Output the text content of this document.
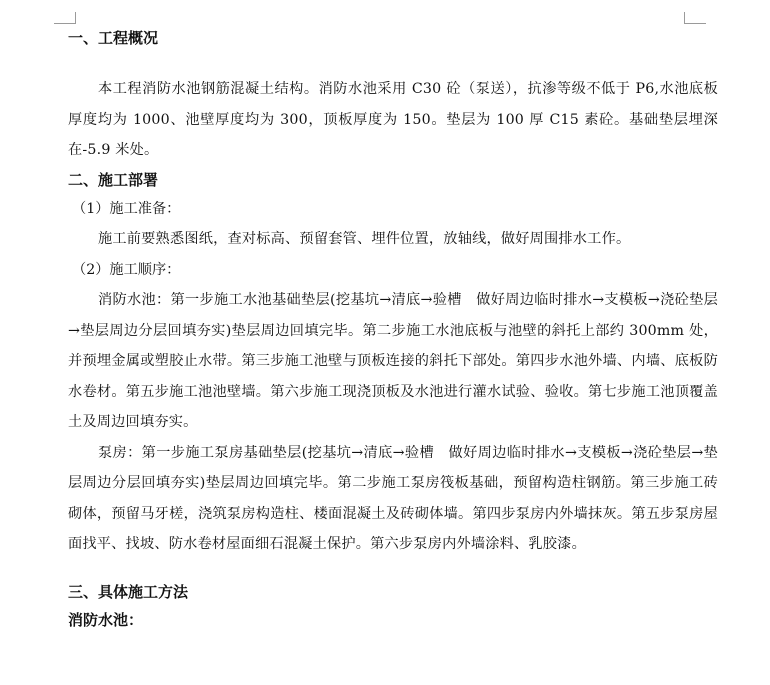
一、工程概况

本工程消防水池钢筋混凝土结构。消防水池采用 C30 砼（泵送），抗渗等级不低于 P6,水池底板厚度均为 1000、池壁厚度均为 300，顶板厚度为 150。垫层为 100 厚 C15 素砼。基础垫层埋深在-5.9 米处。

二、施工部署

（1）施工准备：

施工前要熟悉图纸，查对标高、预留套管、埋件位置，放轴线，做好周围排水工作。

（2）施工顺序：

消防水池：第一步施工水池基础垫层(挖基坑→清底→验槽　做好周边临时排水→支模板→浇砼垫层→垫层周边分层回填夯实)垫层周边回填完毕。第二步施工水池底板与池壁的斜托上部约 300mm 处，并预埋金属或塑胶止水带。第三步施工池壁与顶板连接的斜托下部处。第四步水池外墙、内墙、底板防水卷材。第五步施工池池壁墙。第六步施工现浇顶板及水池进行灌水试验、验收。第七步施工池顶覆盖土及周边回填夯实。

泵房：第一步施工泵房基础垫层(挖基坑→清底→验槽　做好周边临时排水→支模板→浇砼垫层→垫层周边分层回填夯实)垫层周边回填完毕。第二步施工泵房筏板基础，预留构造柱钢筋。第三步施工砖砌体，预留马牙槎，浇筑泵房构造柱、楼面混凝土及砖砌体墙。第四步泵房内外墙抹灰。第五步泵房屋面找平、找坡、防水卷材屋面细石混凝土保护。第六步泵房内外墙涂料、乳胶漆。

三、具体施工方法

消防水池：
